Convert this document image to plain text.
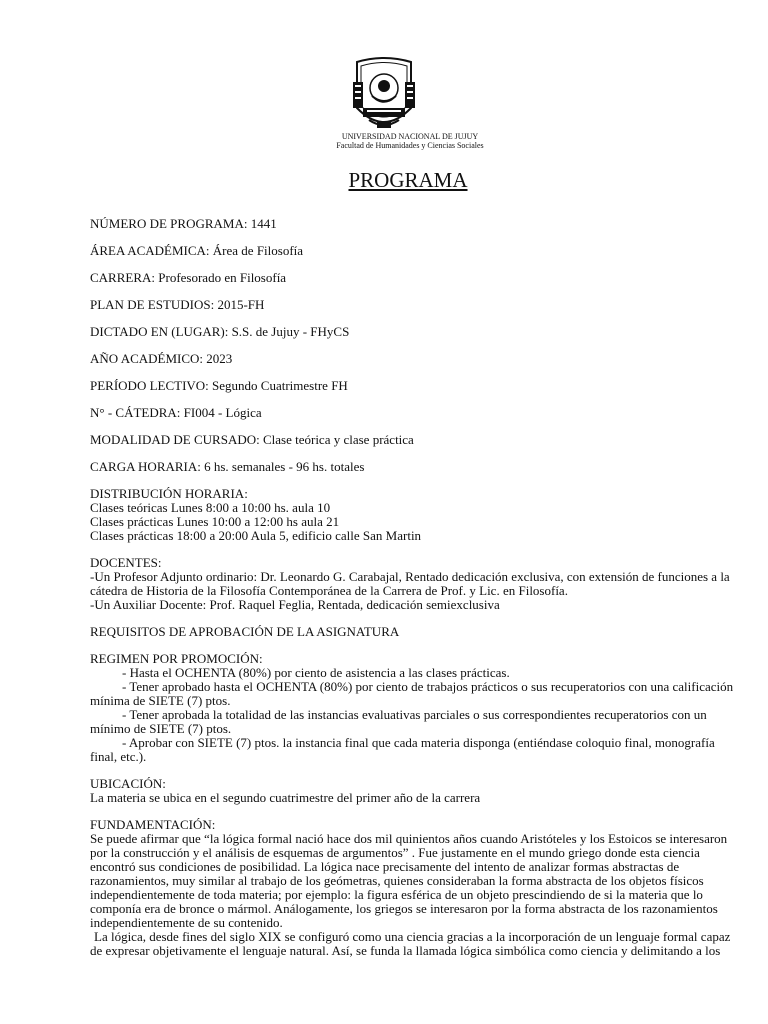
UNIVERSIDAD NACIONAL DE JUJUY
Facultad de Humanidades y Ciencias Sociales
PROGRAMA
NÚMERO DE PROGRAMA: 1441
ÁREA ACADÉMICA: Área de Filosofía
CARRERA: Profesorado en Filosofía
PLAN DE ESTUDIOS: 2015-FH
DICTADO EN (LUGAR): S.S. de Jujuy - FHyCS
AÑO ACADÉMICO: 2023
PERÍODO LECTIVO: Segundo Cuatrimestre FH
N° - CÁTEDRA: FI004 - Lógica
MODALIDAD DE CURSADO: Clase teórica y clase práctica
CARGA HORARIA: 6 hs. semanales - 96 hs. totales
DISTRIBUCIÓN HORARIA:
Clases teóricas Lunes 8:00 a 10:00 hs. aula 10
Clases prácticas Lunes 10:00 a 12:00 hs aula 21
Clases prácticas 18:00 a 20:00 Aula 5, edificio calle San Martin
DOCENTES:
-Un Profesor Adjunto ordinario: Dr. Leonardo G. Carabajal, Rentado dedicación exclusiva, con extensión de funciones a la cátedra de Historia de la Filosofía Contemporánea de la Carrera de Prof. y Lic. en Filosofía.
-Un Auxiliar Docente: Prof. Raquel Feglia, Rentada, dedicación semiexclusiva
REQUISITOS DE APROBACIÓN DE LA ASIGNATURA
REGIMEN POR PROMOCIÓN:
- Hasta el OCHENTA (80%) por ciento de asistencia a las clases prácticas.
- Tener aprobado hasta el OCHENTA (80%) por ciento de trabajos prácticos o sus recuperatorios con una calificación mínima de SIETE (7) ptos.
- Tener aprobada la totalidad de las instancias evaluativas parciales o sus correspondientes recuperatorios con un mínimo de SIETE (7) ptos.
- Aprobar con SIETE (7) ptos. la instancia final que cada materia disponga (entiéndase coloquio final, monografía final, etc.).
UBICACIÓN:
La materia se ubica en el segundo cuatrimestre del primer año de la carrera
FUNDAMENTACIÓN:
Se puede afirmar que “la lógica formal nació hace dos mil quinientos años cuando Aristóteles y los Estoicos se interesaron por la construcción y el análisis de esquemas de argumentos” . Fue justamente en el mundo griego donde esta ciencia encontró sus condiciones de posibilidad. La lógica nace precisamente del intento de analizar formas abstractas de razonamientos, muy similar al trabajo de los geómetras, quienes consideraban la forma abstracta de los objetos físicos independientemente de toda materia; por ejemplo: la figura esférica de un objeto prescindiendo de si la materia que lo componía era de bronce o mármol. Análogamente, los griegos se interesaron por la forma abstracta de los razonamientos independientemente de su contenido.
La lógica, desde fines del siglo XIX se configuró como una ciencia gracias a la incorporación de un lenguaje formal capaz de expresar objetivamente el lenguaje natural. Así, se funda la llamada lógica simbólica como ciencia y delimitando a los
